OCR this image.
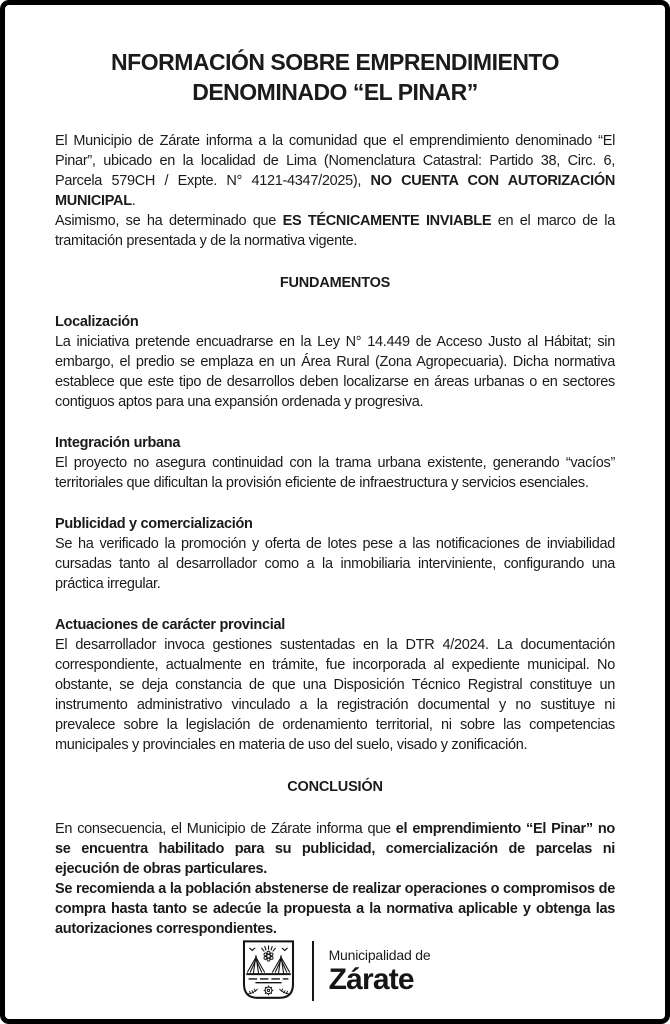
NFORMACIÓN SOBRE EMPRENDIMIENTO
DENOMINADO “EL PINAR”

El Municipio de Zárate informa a la comunidad que el emprendimiento denominado “El Pinar”, ubicado en la localidad de Lima (Nomenclatura Catastral: Partido 38, Circ. 6, Parcela 579CH / Expte. N° 4121-4347/2025), NO CUENTA CON AUTORIZACIÓN MUNICIPAL.
Asimismo, se ha determinado que ES TÉCNICAMENTE INVIABLE en el marco de la tramitación presentada y de la normativa vigente.

FUNDAMENTOS
Localización

La iniciativa pretende encuadrarse en la Ley N° 14.449 de Acceso Justo al Hábitat; sin embargo, el predio se emplaza en un Área Rural (Zona Agropecuaria). Dicha normativa establece que este tipo de desarrollos deben localizarse en áreas urbanas o en sectores contiguos aptos para una expansión ordenada y progresiva.

Integración urbana

El proyecto no asegura continuidad con la trama urbana existente, generando “vacíos” territoriales que dificultan la provisión eficiente de infraestructura y servicios esenciales.

Publicidad y comercialización

Se ha verificado la promoción y oferta de lotes pese a las notificaciones de inviabilidad cursadas tanto al desarrollador como a la inmobiliaria interviniente, configurando una práctica irregular.

Actuaciones de carácter provincial

El desarrollador invoca gestiones sustentadas en la DTR 4/2024. La documentación correspondiente, actualmente en trámite, fue incorporada al expediente municipal. No obstante, se deja constancia de que una Disposición Técnico Registral constituye un instrumento administrativo vinculado a la registración documental y no sustituye ni prevalece sobre la legislación de ordenamiento territorial, ni sobre las competencias municipales y provinciales en materia de uso del suelo, visado y zonificación.

CONCLUSIÓN

En consecuencia, el Municipio de Zárate informa que el emprendimiento “El Pinar” no se encuentra habilitado para su publicidad, comercialización de parcelas ni ejecución de obras particulares.
Se recomienda a la población abstenerse de realizar operaciones o compromisos de compra hasta tanto se adecúe la propuesta a la normativa aplicable y obtenga las autorizaciones correspondientes.

Municipalidad de
Zárate
